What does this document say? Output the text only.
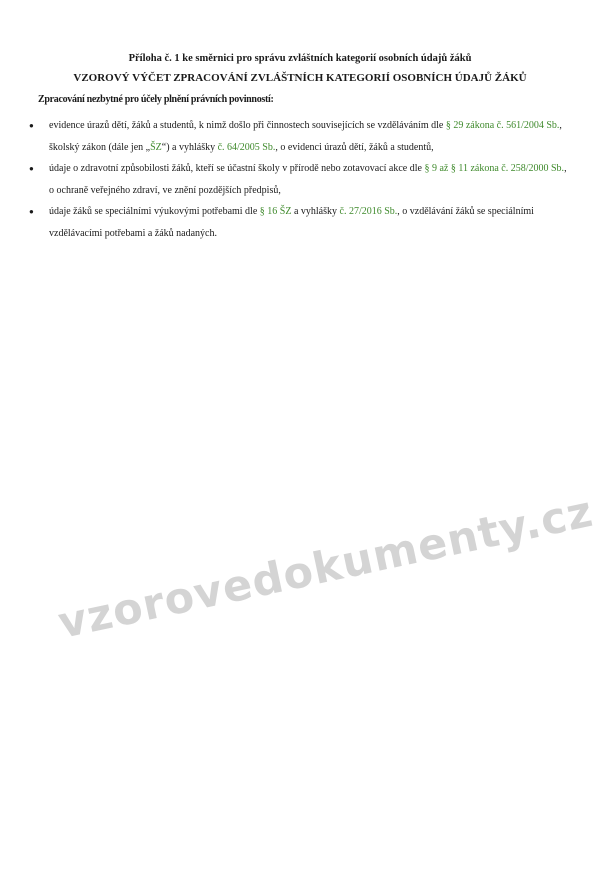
Příloha č. 1 ke směrnici pro správu zvláštních kategorií osobních údajů žáků
VZOROVÝ VÝČET ZPRACOVÁNÍ ZVLÁŠTNÍCH KATEGORIÍ OSOBNÍCH ÚDAJŮ ŽÁKŮ
Zpracování nezbytné pro účely plnění právních povinností:
● evidence úrazů dětí, žáků a studentů, k nimž došlo při činnostech souvisejících se vzděláváním dle § 29 zákona č. 561/2004 Sb., školský zákon (dále jen „ŠZ“) a vyhlášky č. 64/2005 Sb., o evidenci úrazů dětí, žáků a studentů,
● údaje o zdravotní způsobilosti žáků, kteří se účastní školy v přírodě nebo zotavovací akce dle § 9 až § 11 zákona č. 258/2000 Sb., o ochraně veřejného zdraví, ve znění pozdějších předpisů,
● údaje žáků se speciálními výukovými potřebami dle § 16 ŠZ a vyhlášky č. 27/2016 Sb., o vzdělávání žáků se speciálními vzdělávacími potřebami a žáků nadaných.
vzorovedokumenty.cz
